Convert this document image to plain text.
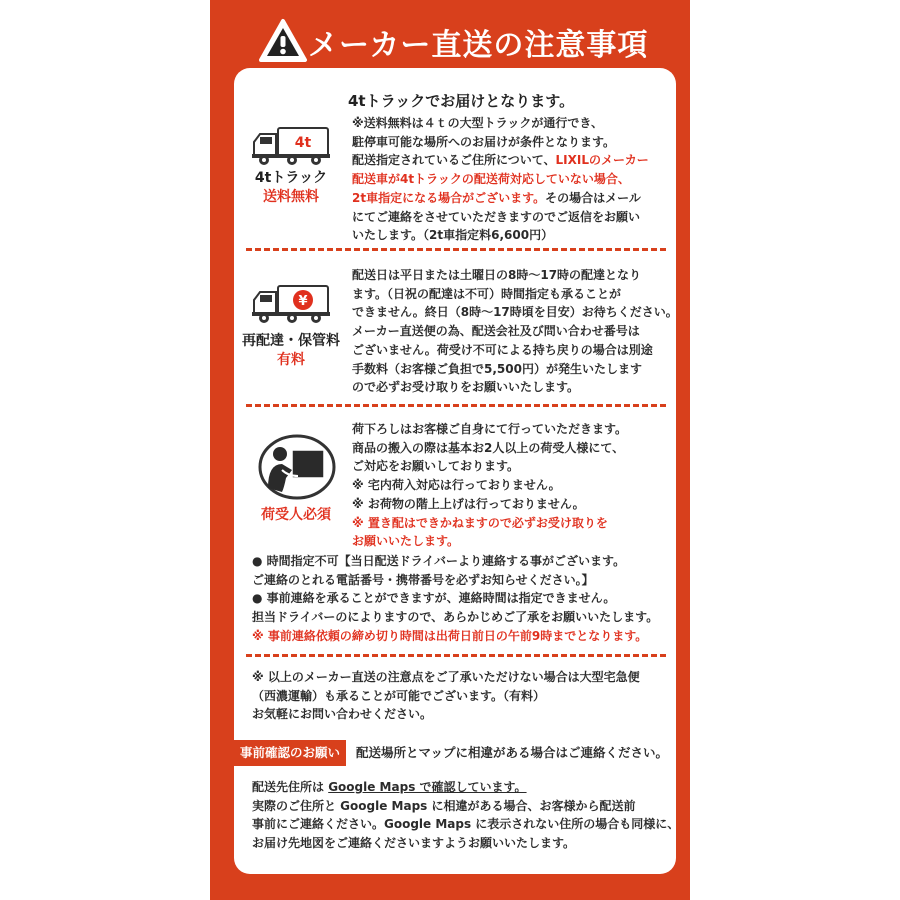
メーカー直送の注意事項
4tトラックでお届けとなります。
4t
4tトラック
送料無料
※送料無料は４ｔの大型トラックが通行でき、
駐停車可能な場所へのお届けが条件となります。
配送指定されているご住所について、LIXILのメーカー
配送車が4tトラックの配送荷対応していない場合、
2t車指定になる場合がございます。その場合はメール
にてご連絡をさせていただきますのでご返信をお願い
いたします。（2t車指定料6,600円）
¥
再配達・保管料
有料
配送日は平日または土曜日の8時～17時の配達となり
ます。（日祝の配達は不可）時間指定も承ることが
できません。終日（8時～17時頃を目安）お待ちください。
メーカー直送便の為、配送会社及び問い合わせ番号は
ございません。荷受け不可による持ち戻りの場合は別途
手数料（お客様ご負担で5,500円）が発生いたします
ので必ずお受け取りをお願いいたします。
荷受人必須
荷下ろしはお客様ご自身にて行っていただきます。
商品の搬入の際は基本お2人以上の荷受人様にて、
ご対応をお願いしております。
※ 宅内荷入対応は行っておりません。
※ お荷物の階上上げは行っておりません。
※ 置き配はできかねますので必ずお受け取りを
お願いいたします。
● 時間指定不可【当日配送ドライバーより連絡する事がございます。
ご連絡のとれる電話番号・携帯番号を必ずお知らせください。】
● 事前連絡を承ることができますが、連絡時間は指定できません。
担当ドライバーのによりますので、あらかじめご了承をお願いいたします。
※ 事前連絡依頼の締め切り時間は出荷日前日の午前9時までとなります。
※ 以上のメーカー直送の注意点をご了承いただけない場合は大型宅急便
（西濃運輸）も承ることが可能でございます。（有料）
お気軽にお問い合わせください。
事前確認のお願い	配送場所とマップに相違がある場合はご連絡ください。
配送先住所は Google Maps で確認しています。
実際のご住所と Google Maps に相違がある場合、お客様から配送前
事前にご連絡ください。Google Maps に表示されない住所の場合も同様に、
お届け先地図をご連絡くださいますようお願いいたします。
